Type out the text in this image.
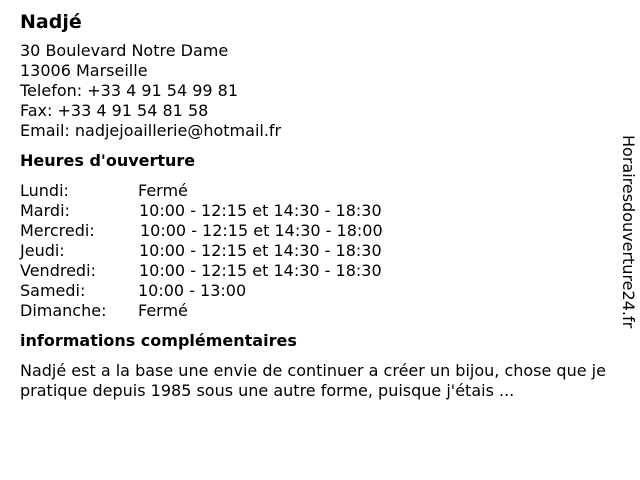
Nadjé
30 Boulevard Notre Dame
13006 Marseille
Telefon: +33 4 91 54 99 81
Fax: +33 4 91 54 81 58
Email: nadjejoaillerie@hotmail.fr
Heures d'ouverture
Lundi:	Fermé
Mardi:	10:00 - 12:15 et 14:30 - 18:30
Mercredi:	10:00 - 12:15 et 14:30 - 18:00
Jeudi:	10:00 - 12:15 et 14:30 - 18:30
Vendredi:	10:00 - 12:15 et 14:30 - 18:30
Samedi:	10:00 - 13:00
Dimanche: Fermé
informations complémentaires
Nadjé est a la base une envie de continuer a créer un bijou, chose que je pratique depuis 1985 sous une autre forme, puisque j'étais ...
Horairesdouverture24.fr
